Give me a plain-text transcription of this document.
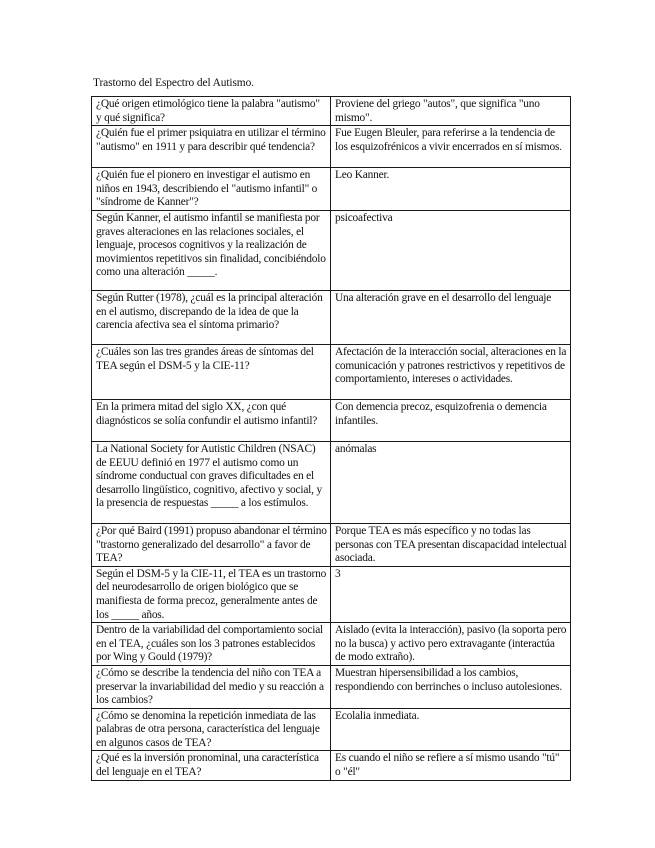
Trastorno del Espectro del Autismo.
¿Qué origen etimológico tiene la palabra "autismo" y qué significa?	Proviene del griego "autos", que significa "uno mismo".
¿Quién fue el primer psiquiatra en utilizar el término "autismo" en 1911 y para describir qué tendencia?	Fue Eugen Bleuler, para referirse a la tendencia de los esquizofrénicos a vivir encerrados en sí mismos.
¿Quién fue el pionero en investigar el autismo en niños en 1943, describiendo el "autismo infantil" o "síndrome de Kanner"?	Leo Kanner.
Según Kanner, el autismo infantil se manifiesta por graves alteraciones en las relaciones sociales, el lenguaje, procesos cognitivos y la realización de movimientos repetitivos sin finalidad, concibiéndolo como una alteración _____.	psicoafectiva
Según Rutter (1978), ¿cuál es la principal alteración en el autismo, discrepando de la idea de que la carencia afectiva sea el síntoma primario?	Una alteración grave en el desarrollo del lenguaje
¿Cuáles son las tres grandes áreas de síntomas del TEA según el DSM-5 y la CIE-11?	Afectación de la interacción social, alteraciones en la comunicación y patrones restrictivos y repetitivos de comportamiento, intereses o actividades.
En la primera mitad del siglo XX, ¿con qué diagnósticos se solía confundir el autismo infantil?	Con demencia precoz, esquizofrenia o demencia infantiles.
La National Society for Autistic Children (NSAC) de EEUU definió en 1977 el autismo como un síndrome conductual con graves dificultades en el desarrollo lingüístico, cognitivo, afectivo y social, y la presencia de respuestas _____ a los estímulos.	anómalas
¿Por qué Baird (1991) propuso abandonar el término "trastorno generalizado del desarrollo" a favor de TEA?	Porque TEA es más específico y no todas las personas con TEA presentan discapacidad intelectual asociada.
Según el DSM-5 y la CIE-11, el TEA es un trastorno del neurodesarrollo de origen biológico que se manifiesta de forma precoz, generalmente antes de los _____ años.	3
Dentro de la variabilidad del comportamiento social en el TEA, ¿cuáles son los 3 patrones establecidos por Wing y Gould (1979)?	Aislado (evita la interacción), pasivo (la soporta pero no la busca) y activo pero extravagante (interactúa de modo extraño).
¿Cómo se describe la tendencia del niño con TEA a preservar la invariabilidad del medio y su reacción a los cambios?	Muestran hipersensibilidad a los cambios, respondiendo con berrinches o incluso autolesiones.
¿Cómo se denomina la repetición inmediata de las palabras de otra persona, característica del lenguaje en algunos casos de TEA?	Ecolalia inmediata.
¿Qué es la inversión pronominal, una característica del lenguaje en el TEA?	Es cuando el niño se refiere a sí mismo usando "tú" o "él"
